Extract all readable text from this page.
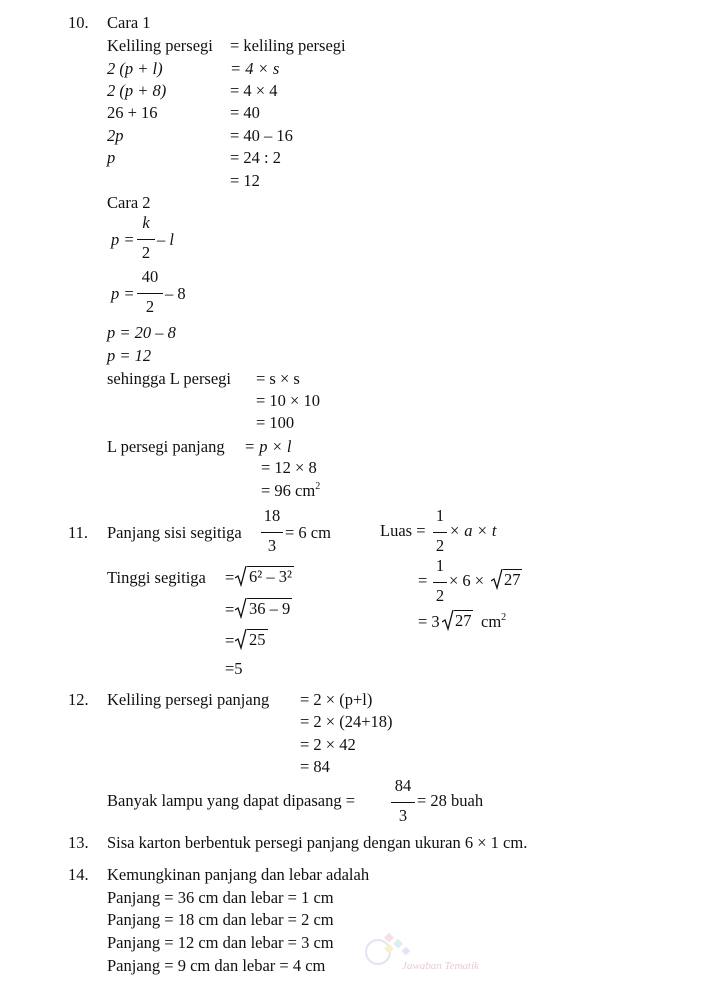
10. Cara 1
Keliling persegi = keliling persegi
2 (p + l)	= 4 × s
2 (p + 8)	= 4 × 4
26 + 16	= 40
2p	= 40 – 16
p	= 24 : 2
= 12
Cara 2
p =
k
2
– l
p =
40
2
– 8
p = 20 – 8
p = 12
sehingga L persegi = s × s
= 10 × 10
= 100
L persegi panjang = p × l
= 12 × 8
= 96 $cm^2$
11. Panjang sisi segitiga
18
3
= 6 cm	Luas =
1
2
× a × t
=
1
2
× 6 ×	27
= 3 27 $cm^2$
Tinggi segitiga = 6² – 3²
= 36 – 9
= 25
=5
12. Keliling persegi panjang = 2 × (p+l)
= 2 × (24+18)
= 2 × 42
= 84
Banyak lampu yang dapat dipasang =
84
3
= 28 buah
13. Sisa karton berbentuk persegi panjang dengan ukuran 6 × 1 cm.
14. Kemungkinan panjang dan lebar adalah
Panjang = 36 cm dan lebar = 1 cm
Panjang = 18 cm dan lebar = 2 cm
Panjang = 12 cm dan lebar = 3 cm
Panjang = 9 cm dan lebar = 4 cm	Jawaban Tematik
